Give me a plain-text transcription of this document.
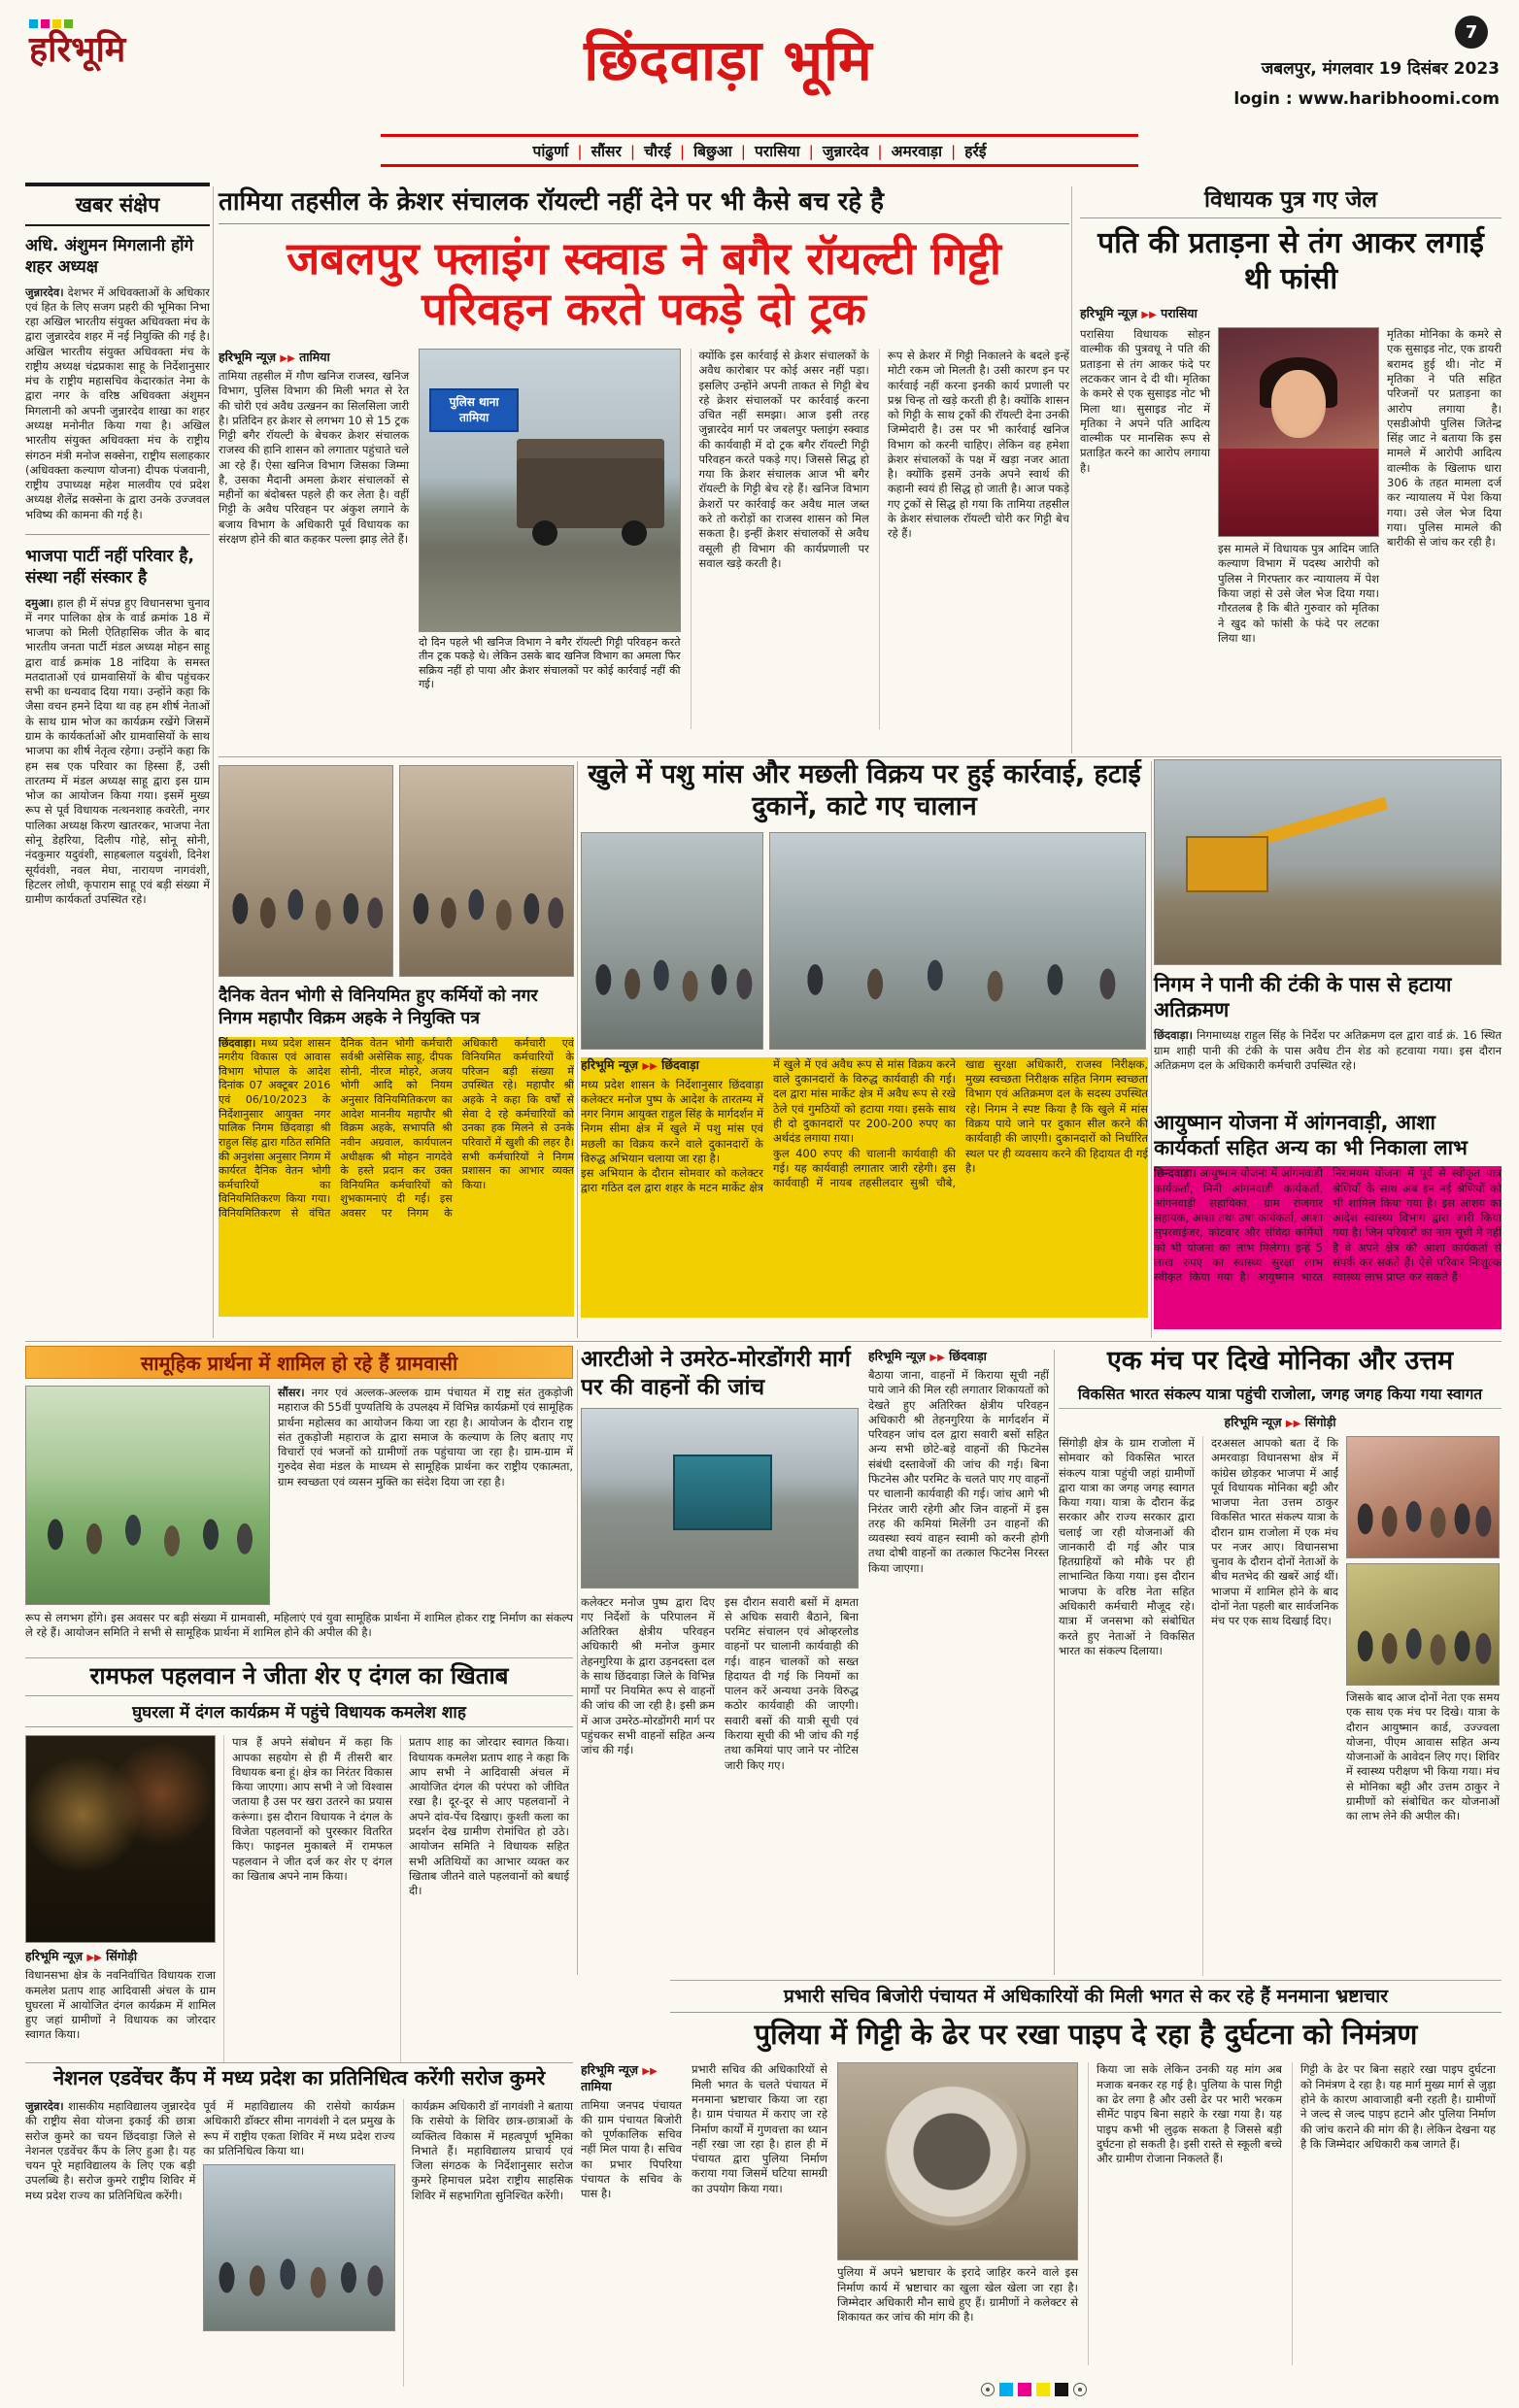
हरिभूमि	छिंदवाड़ा भूमि	7
जबलपुर, मंगलवार 19 दिसंबर 2023
login : www.haribhoomi.com
पांढुर्णा	| सौंसर	| चौरई	| बिछुआ	| परासिया	| जुन्नारदेव	| अमरवाड़ा	| हर्रई
खबर संक्षेप
अधि. अंशुमन मिगलानी होंगे शहर अध्यक्ष

जुन्नारदेव। देशभर में अधिवक्ताओं के अधिकार एवं हित के लिए सजग प्रहरी की भूमिका निभा रहा अखिल भारतीय संयुक्त अधिवक्ता मंच के द्वारा जुन्नारदेव शहर में नई नियुक्ति की गई है। अखिल भारतीय संयुक्त अधिवक्ता मंच के राष्ट्रीय अध्यक्ष चंद्रप्रकाश साहू के निर्देशानुसार मंच के राष्ट्रीय महासचिव केदारकांत नेमा के द्वारा नगर के वरिष्ठ अधिवक्ता अंशुमन मिगलानी को अपनी जुन्नारदेव शाखा का शहर अध्यक्ष मनोनीत किया गया है। अखिल भारतीय संयुक्त अधिवक्ता मंच के राष्ट्रीय संगठन मंत्री मनोज सक्सेना, राष्ट्रीय सलाहकार (अधिवक्ता कल्याण योजना) दीपक पंजवानी, राष्ट्रीय उपाध्यक्ष महेश मालवीय एवं प्रदेश अध्यक्ष शैलेंद्र सक्सेना के द्वारा उनके उज्जवल भविष्य की कामना की गई है।

भाजपा पार्टी नहीं परिवार है, संस्था नहीं संस्कार है

दमुआ। हाल ही में संपन्न हुए विधानसभा चुनाव में नगर पालिका क्षेत्र के वार्ड क्रमांक 18 में भाजपा को मिली ऐतिहासिक जीत के बाद भारतीय जनता पार्टी मंडल अध्यक्ष मोहन साहू द्वारा वार्ड क्रमांक 18 नांदिया के समस्त मतदाताओं एवं ग्रामवासियों के बीच पहुंचकर सभी का धन्यवाद दिया गया। उन्होंने कहा कि जैसा वचन हमने दिया था वह हम शीर्ष नेताओं के साथ ग्राम भोज का कार्यक्रम रखेंगे जिसमें ग्राम के कार्यकर्ताओं और ग्रामवासियों के साथ भाजपा का शीर्ष नेतृत्व रहेगा। उन्होंने कहा कि हम सब एक परिवार का हिस्सा हैं, उसी तारतम्य में मंडल अध्यक्ष साहू द्वारा इस ग्राम भोज का आयोजन किया गया। इसमें मुख्य रूप से पूर्व विधायक नत्थनशाह कवरेती, नगर पालिका अध्यक्ष किरण खातरकर, भाजपा नेता सोनू डेहरिया, दिलीप गोहे, सोनू सोनी, नंदकुमार यदुवंशी, साहबलाल यदुवंशी, दिनेश सूर्यवंशी, नवल मेघा, नारायण नागवंशी, हिटलर लोधी, कृपाराम साहू एवं बड़ी संख्या में ग्रामीण कार्यकर्ता उपस्थित रहे।

तामिया तहसील के क्रेशर संचालक रॉयल्टी नहीं देने पर भी कैसे बच रहे है
जबलपुर फ्लाइंग स्क्वाड ने बगैर रॉयल्टी गिट्टी परिवहन करते पकड़े दो ट्रक
हरिभूमि न्यूज़ ▶▶ तामिया

तामिया तहसील में गौण खनिज राजस्व, खनिज विभाग, पुलिस विभाग की मिली भगत से रेत की चोरी एवं अवैध उत्खनन का सिलसिला जारी है। प्रतिदिन हर क्रेशर से लगभग 10 से 15 ट्रक गिट्टी बगैर रॉयल्टी के बेचकर क्रेशर संचालक राजस्व की हानि शासन को लगातार पहुंचाते चले आ रहे हैं। ऐसा खनिज विभाग जिसका जिम्मा है, उसका मैदानी अमला क्रेशर संचालकों से महीनों का बंदोबस्त पहले ही कर लेता है। वहीं गिट्टी के अवैध परिवहन पर अंकुश लगाने के बजाय विभाग के अधिकारी पूर्व विधायक का संरक्षण होने की बात कहकर पल्ला झाड़ लेते हैं।

पुलिस थाना तामिया

दो दिन पहले भी खनिज विभाग ने बगैर रॉयल्टी गिट्टी परिवहन करते तीन ट्रक पकड़े थे। लेकिन उसके बाद खनिज विभाग का अमला फिर सक्रिय नहीं हो पाया और क्रेशर संचालकों पर कोई कार्रवाई नहीं की गई।

क्योंकि इस कार्रवाई से क्रेशर संचालकों के अवैध कारोबार पर कोई असर नहीं पड़ा। इसलिए उन्होंने अपनी ताकत से गिट्टी बेच रहे क्रेशर संचालकों पर कार्रवाई करना उचित नहीं समझा। आज इसी तरह जुन्नारदेव मार्ग पर जबलपुर फ्लाइंग स्क्वाड की कार्यवाही में दो ट्रक बगैर रॉयल्टी गिट्टी परिवहन करते पकड़े गए। जिससे सिद्ध हो गया कि क्रेशर संचालक आज भी बगैर रॉयल्टी के गिट्टी बेच रहे हैं। खनिज विभाग क्रेशरों पर कार्रवाई कर अवैध माल जब्त करे तो करोड़ों का राजस्व शासन को मिल सकता है। इन्हीं क्रेशर संचालकों से अवैध वसूली ही विभाग की कार्यप्रणाली पर सवाल खड़े करती है।

रूप से क्रेशर में गिट्टी निकालने के बदले इन्हें मोटी रकम जो मिलती है। उसी कारण इन पर कार्रवाई नहीं करना इनकी कार्य प्रणाली पर प्रश्न चिन्ह तो खड़े करती ही है। क्योंकि शासन को गिट्टी के साथ ट्रकों की रॉयल्टी देना उनकी जिम्मेदारी है। उस पर भी कार्रवाई खनिज विभाग को करनी चाहिए। लेकिन वह हमेशा क्रेशर संचालकों के पक्ष में खड़ा नजर आता है। क्योंकि इसमें उनके अपने स्वार्थ की कहानी स्वयं ही सिद्ध हो जाती है। आज पकड़े गए ट्रकों से सिद्ध हो गया कि तामिया तहसील के क्रेशर संचालक रॉयल्टी चोरी कर गिट्टी बेच रहे हैं।

विधायक पुत्र गए जेल
पति की प्रताड़ना से तंग आकर लगाई थी फांसी
हरिभूमि न्यूज़ ▶▶ परासिया

परासिया विधायक सोहन वाल्मीक की पुत्रवधू ने पति की प्रताड़ना से तंग आकर फंदे पर लटककर जान दे दी थी। मृतिका के कमरे से एक सुसाइड नोट भी मिला था। सुसाइड नोट में मृतिका ने अपने पति आदित्य वाल्मीक पर मानसिक रूप से प्रताड़ित करने का आरोप लगाया है।

इस मामले में विधायक पुत्र आदिम जाति कल्याण विभाग में पदस्थ आरोपी को पुलिस ने गिरफ्तार कर न्यायालय में पेश किया जहां से उसे जेल भेज दिया गया। गौरतलब है कि बीते गुरुवार को मृतिका ने खुद को फांसी के फंदे पर लटका लिया था।

मृतिका मोनिका के कमरे से एक सुसाइड नोट, एक डायरी बरामद हुई थी। नोट में मृतिका ने पति सहित परिजनों पर प्रताड़ना का आरोप लगाया है। एसडीओपी पुलिस जितेन्द्र सिंह जाट ने बताया कि इस मामले में आरोपी आदित्य वाल्मीक के खिलाफ धारा 306 के तहत मामला दर्ज कर न्यायालय में पेश किया गया। उसे जेल भेज दिया गया। पुलिस मामले की बारीकी से जांच कर रही है।

दैनिक वेतन भोगी से विनियमित हुए कर्मियों को नगर निगम महापौर विक्रम अहके ने नियुक्ति पत्र

छिंदवाड़ा। मध्य प्रदेश शासन नगरीय विकास एवं आवास विभाग भोपाल के आदेश दिनांक 07 अक्टूबर 2016 एवं 06/10/2023 के निर्देशानुसार आयुक्त नगर पालिक निगम छिंदवाड़ा श्री राहुल सिंह द्वारा गठित समिति की अनुशंसा अनुसार निगम में कार्यरत दैनिक वेतन भोगी कर्मचारियों का विनियमितिकरण किया गया। विनियमितिकरण से वंचित दैनिक वेतन भोगी कर्मचारी सर्वश्री असेसिक साहू, दीपक सोनी, नीरज मोहरे, अजय भोगी आदि को नियम अनुसार विनियमितिकरण का आदेश माननीय महापौर श्री विक्रम अहके, सभापति श्री नवीन अग्रवाल, कार्यपालन अधीक्षक श्री मोहन नागदेवे के हस्ते प्रदान कर उक्त विनियमित कर्मचारियों को शुभकामनाएं दी गईं। इस अवसर पर निगम के अधिकारी कर्मचारी एवं विनियमित कर्मचारियों के परिजन बड़ी संख्या में उपस्थित रहे। महापौर श्री अहके ने कहा कि वर्षों से सेवा दे रहे कर्मचारियों को उनका हक मिलने से उनके परिवारों में खुशी की लहर है। सभी कर्मचारियों ने निगम प्रशासन का आभार व्यक्त किया।

खुले में पशु मांस और मछली विक्रय पर हुई कार्रवाई, हटाई दुकानें, काटे गए चालान
हरिभूमि न्यूज़ ▶▶ छिंदवाड़ा

मध्य प्रदेश शासन के निर्देशानुसार छिंदवाड़ा कलेक्टर मनोज पुष्प के आदेश के तारतम्य में नगर निगम आयुक्त राहुल सिंह के मार्गदर्शन में निगम सीमा क्षेत्र में खुले में पशु मांस एवं मछली का विक्रय करने वाले दुकानदारों के विरुद्ध अभियान चलाया जा रहा है।

इस अभियान के दौरान सोमवार को कलेक्टर द्वारा गठित दल द्वारा शहर के मटन मार्केट क्षेत्र में खुले में एवं अवैध रूप से मांस विक्रय करने वाले दुकानदारों के विरुद्ध कार्यवाही की गई। दल द्वारा मांस मार्केट क्षेत्र में अवैध रूप से रखे ठेले एवं गुमठियों को हटाया गया। इसके साथ ही दो दुकानदारों पर 200-200 रुपए का अर्थदंड लगाया ग़या।

कुल 400 रुपए की चालानी कार्यवाही की गई। यह कार्यवाही लगातार जारी रहेगी। इस कार्यवाही में नायब तहसीलदार सुश्री चौबे, खाद्य सुरक्षा अधिकारी, राजस्व निरीक्षक, मुख्य स्वच्छता निरीक्षक सहित निगम स्वच्छता विभाग एवं अतिक्रमण दल के सदस्य उपस्थित रहे। निगम ने स्पष्ट किया है कि खुले में मांस विक्रय पाये जाने पर दुकान सील करने की कार्यवाही की जाएगी। दुकानदारों को निर्धारित स्थल पर ही व्यवसाय करने की हिदायत दी गई है।

निगम ने पानी की टंकी के पास से हटाया अतिक्रमण

छिंदवाड़ा। निगमाध्यक्ष राहुल सिंह के निर्देश पर अतिक्रमण दल द्वारा वार्ड क्रं. 16 स्थित ग्राम शाही पानी की टंकी के पास अवैध टीन शेड को हटवाया गया। इस दौरान अतिक्रमण दल के अधिकारी कर्मचारी उपस्थित रहे।

आयुष्मान योजना में आंगनवाड़ी, आशा कार्यकर्ता सहित अन्य का भी निकाला लाभ

छिन्दवाड़ा। आयुष्मान योजना में आंगनवाड़ी कार्यकर्ता, मिनी आंगनवाड़ी कार्यकर्ता, आंगनवाड़ी सहायिका, ग्राम रोजगार सहायक, आशा तथा उषा कार्यकर्ता, आशा सुपरवाईजर, कोटवार और संविदा कर्मियों को भी योजना का लाभ मिलेगा। इन्हें 5 लाख रुपए का स्वास्थ्य सुरक्षा लाभ स्वीकृत किया गया है। आयुष्मान भारत निरामयम योजना में पूर्व से स्वीकृत पात्र श्रेणियों के साथ अब इन नई श्रेणियों को भी शामिल किया गया है। इस आशय का आदेश स्वास्थ्य विभाग द्वारा जारी किया गया है। जिन परिवारों का नाम सूची में नहीं है वे अपने क्षेत्र की आशा कार्यकर्ता से संपर्क कर सकते हैं। ऐसे परिवार निःशुल्क स्वास्थ्य लाभ प्राप्त कर सकते हैं।

सामूहिक प्रार्थना में शामिल हो रहे हैं ग्रामवासी

सौंसर। नगर एवं अल्लक-अल्लक ग्राम पंचायत में राष्ट्र संत तुकड़ोजी महाराज की 55वीं पुण्यतिथि के उपलक्ष्य में विभिन्न कार्यक्रमों एवं सामूहिक प्रार्थना महोत्सव का आयोजन किया जा रहा है। आयोजन के दौरान राष्ट्र संत तुकड़ोजी महाराज के द्वारा समाज के कल्याण के लिए बताए गए विचारों एवं भजनों को ग्रामीणों तक पहुंचाया जा रहा है। ग्राम-ग्राम में गुरुदेव सेवा मंडल के माध्यम से सामूहिक प्रार्थना कर राष्ट्रीय एकात्मता, ग्राम स्वच्छता एवं व्यसन मुक्ति का संदेश दिया जा रहा है।

रूप से लगभग होंगे। इस अवसर पर बड़ी संख्या में ग्रामवासी, महिलाएं एवं युवा सामूहिक प्रार्थना में शामिल होकर राष्ट्र निर्माण का संकल्प ले रहे हैं। आयोजन समिति ने सभी से सामूहिक प्रार्थना में शामिल होने की अपील की है।

आरटीओ ने उमरेठ-मोरडोंगरी मार्ग पर की वाहनों की जांच

कलेक्टर मनोज पुष्प द्वारा दिए गए निर्देशों के परिपालन में अतिरिक्त क्षेत्रीय परिवहन अधिकारी श्री मनोज कुमार तेहनगुरिया के द्वारा उड़नदस्ता दल के साथ छिंदवाड़ा जिले के विभिन्न मार्गों पर नियमित रूप से वाहनों की जांच की जा रही है। इसी क्रम में आज उमरेठ-मोरडोंगरी मार्ग पर पहुंचकर सभी वाहनों सहित अन्य जांच की गई।

इस दौरान सवारी बसों में क्षमता से अधिक सवारी बैठाने, बिना परमिट संचालन एवं ओव्हरलोड वाहनों पर चालानी कार्यवाही की गई। वाहन चालकों को सख्त हिदायत दी गई कि नियमों का पालन करें अन्यथा उनके विरुद्ध कठोर कार्यवाही की जाएगी। सवारी बसों की यात्री सूची एवं किराया सूची की भी जांच की गई तथा कमियां पाए जाने पर नोटिस जारी किए गए।

हरिभूमि न्यूज़ ▶▶ छिंदवाड़ा

बैठाया जाना, वाहनों में किराया सूची नहीं पाये जाने की मिल रही लगातार शिकायतों को देखते हुए अतिरिक्त क्षेत्रीय परिवहन अधिकारी श्री तेहनगुरिया के मार्गदर्शन में परिवहन जांच दल द्वारा सवारी बसों सहित अन्य सभी छोटे-बड़े वाहनों की फिटनेस संबंधी दस्तावेजों की जांच की गई। बिना फिटनेस और परमिट के चलते पाए गए वाहनों पर चालानी कार्यवाही की गई। जांच आगे भी निरंतर जारी रहेगी और जिन वाहनों में इस तरह की कमियां मिलेंगी उन वाहनों की व्यवस्था स्वयं वाहन स्वामी को करनी होगी तथा दोषी वाहनों का तत्काल फिटनेस निरस्त किया जाएगा।

एक मंच पर दिखे मोनिका और उत्तम
विकसित भारत संकल्प यात्रा पहुंची राजोला, जगह जगह किया गया स्वागत
हरिभूमि न्यूज़ ▶▶ सिंगोड़ी

सिंगोड़ी क्षेत्र के ग्राम राजोला में सोमवार को विकसित भारत संकल्प यात्रा पहुंची जहां ग्रामीणों द्वारा यात्रा का जगह जगह स्वागत किया गया। यात्रा के दौरान केंद्र सरकार और राज्य सरकार द्वारा चलाई जा रही योजनाओं की जानकारी दी गई और पात्र हितग्राहियों को मौके पर ही लाभान्वित किया गया। इस दौरान भाजपा के वरिष्ठ नेता सहित अधिकारी कर्मचारी मौजूद रहे। यात्रा में जनसभा को संबोधित करते हुए नेताओं ने विकसित भारत का संकल्प दिलाया।

दरअसल आपको बता दें कि अमरवाड़ा विधानसभा क्षेत्र में कांग्रेस छोड़कर भाजपा में आईं पूर्व विधायक मोनिका बट्टी और भाजपा नेता उत्तम ठाकुर विकसित भारत संकल्प यात्रा के दौरान ग्राम राजोला में एक मंच पर नजर आए। विधानसभा चुनाव के दौरान दोनों नेताओं के बीच मतभेद की खबरें आई थीं। भाजपा में शामिल होने के बाद दोनों नेता पहली बार सार्वजनिक मंच पर एक साथ दिखाई दिए।

जिसके बाद आज दोनों नेता एक समय एक साथ एक मंच पर दिखे। यात्रा के दौरान आयुष्मान कार्ड, उज्ज्वला योजना, पीएम आवास सहित अन्य योजनाओं के आवेदन लिए गए। शिविर में स्वास्थ्य परीक्षण भी किया गया। मंच से मोनिका बट्टी और उत्तम ठाकुर ने ग्रामीणों को संबोधित कर योजनाओं का लाभ लेने की अपील की।

रामफल पहलवान ने जीता शेर ए दंगल का खिताब
घुघरला में दंगल कार्यक्रम में पहुंचे विधायक कमलेश शाह
हरिभूमि न्यूज़ ▶▶ सिंगोड़ी

विधानसभा क्षेत्र के नवनिर्वाचित विधायक राजा कमलेश प्रताप शाह आदिवासी अंचल के ग्राम घुघरला में आयोजित दंगल कार्यक्रम में शामिल हुए जहां ग्रामीणों ने विधायक का जोरदार स्वागत किया।

पात्र हैं अपने संबोधन में कहा कि आपका सहयोग से ही मैं तीसरी बार विधायक बना हूं। क्षेत्र का निरंतर विकास किया जाएगा। आप सभी ने जो विश्वास जताया है उस पर खरा उतरने का प्रयास करूंगा। इस दौरान विधायक ने दंगल के विजेता पहलवानों को पुरस्कार वितरित किए। फाइनल मुकाबले में रामफल पहलवान ने जीत दर्ज कर शेर ए दंगल का खिताब अपने नाम किया।

प्रताप शाह का जोरदार स्वागत किया। विधायक कमलेश प्रताप शाह ने कहा कि आप सभी ने आदिवासी अंचल में आयोजित दंगल की परंपरा को जीवित रखा है। दूर-दूर से आए पहलवानों ने अपने दांव-पेंच दिखाए। कुश्ती कला का प्रदर्शन देख ग्रामीण रोमांचित हो उठे। आयोजन समिति ने विधायक सहित सभी अतिथियों का आभार व्यक्त कर खिताब जीतने वाले पहलवानों को बधाई दी।

नेशनल एडवेंचर कैंप में मध्य प्रदेश का प्रतिनिधित्व करेंगी सरोज कुमरे

जुन्नारदेव। शासकीय महाविद्यालय जुन्नारदेव की राष्ट्रीय सेवा योजना इकाई की छात्रा सरोज कुमरे का चयन छिंदवाड़ा जिले से नेशनल एडवेंचर कैंप के लिए हुआ है। यह चयन पूरे महाविद्यालय के लिए एक बड़ी उपलब्धि है। सरोज कुमरे राष्ट्रीय शिविर में मध्य प्रदेश राज्य का प्रतिनिधित्व करेंगी।

पूर्व में महाविद्यालय की रासेयो कार्यक्रम अधिकारी डॉक्टर सीमा नागवंशी ने दल प्रमुख के रूप में राष्ट्रीय एकता शिविर में मध्य प्रदेश राज्य का प्रतिनिधित्व किया था।

कार्यक्रम अधिकारी डॉ नागवंशी ने बताया कि रासेयो के शिविर छात्र-छात्राओं के व्यक्तित्व विकास में महत्वपूर्ण भूमिका निभाते हैं। महाविद्यालय प्राचार्य एवं जिला संगठक के निर्देशानुसार सरोज कुमरे हिमाचल प्रदेश राष्ट्रीय साहसिक शिविर में सहभागिता सुनिश्चित करेंगी।

प्रभारी सचिव बिजोरी पंचायत में अधिकारियों की मिली भगत से कर रहे हैं मनमाना भ्रष्टाचार
पुलिया में गिट्टी के ढेर पर रखा पाइप दे रहा है दुर्घटना को निमंत्रण
हरिभूमि न्यूज़ ▶▶ तामिया

तामिया जनपद पंचायत की ग्राम पंचायत बिजोरी को पूर्णकालिक सचिव नहीं मिल पाया है। सचिव का प्रभार पिपरिया पंचायत के सचिव के पास है।

प्रभारी सचिव की अधिकारियों से मिली भगत के चलते पंचायत में मनमाना भ्रष्टाचार किया जा रहा है। ग्राम पंचायत में कराए जा रहे निर्माण कार्यों में गुणवत्ता का ध्यान नहीं रखा जा रहा है। हाल ही में पंचायत द्वारा पुलिया निर्माण कराया गया जिसमें घटिया सामग्री का उपयोग किया गया।

पुलिया में अपने भ्रष्टाचार के इरादे जाहिर करने वाले इस निर्माण कार्य में भ्रष्टाचार का खुला खेल खेला जा रहा है। जिम्मेदार अधिकारी मौन साधे हुए हैं। ग्रामीणों ने कलेक्टर से शिकायत कर जांच की मांग की है।

किया जा सके लेकिन उनकी यह मांग अब मजाक बनकर रह गई है। पुलिया के पास गिट्टी का ढेर लगा है और उसी ढेर पर भारी भरकम सीमेंट पाइप बिना सहारे के रखा गया है। यह पाइप कभी भी लुढ़क सकता है जिससे बड़ी दुर्घटना हो सकती है। इसी रास्ते से स्कूली बच्चे और ग्रामीण रोजाना निकलते हैं।

गिट्टी के ढेर पर बिना सहारे रखा पाइप दुर्घटना को निमंत्रण दे रहा है। यह मार्ग मुख्य मार्ग से जुड़ा होने के कारण आवाजाही बनी रहती है। ग्रामीणों ने जल्द से जल्द पाइप हटाने और पुलिया निर्माण की जांच कराने की मांग की है। लेकिन देखना यह है कि जिम्मेदार अधिकारी कब जागते हैं।
